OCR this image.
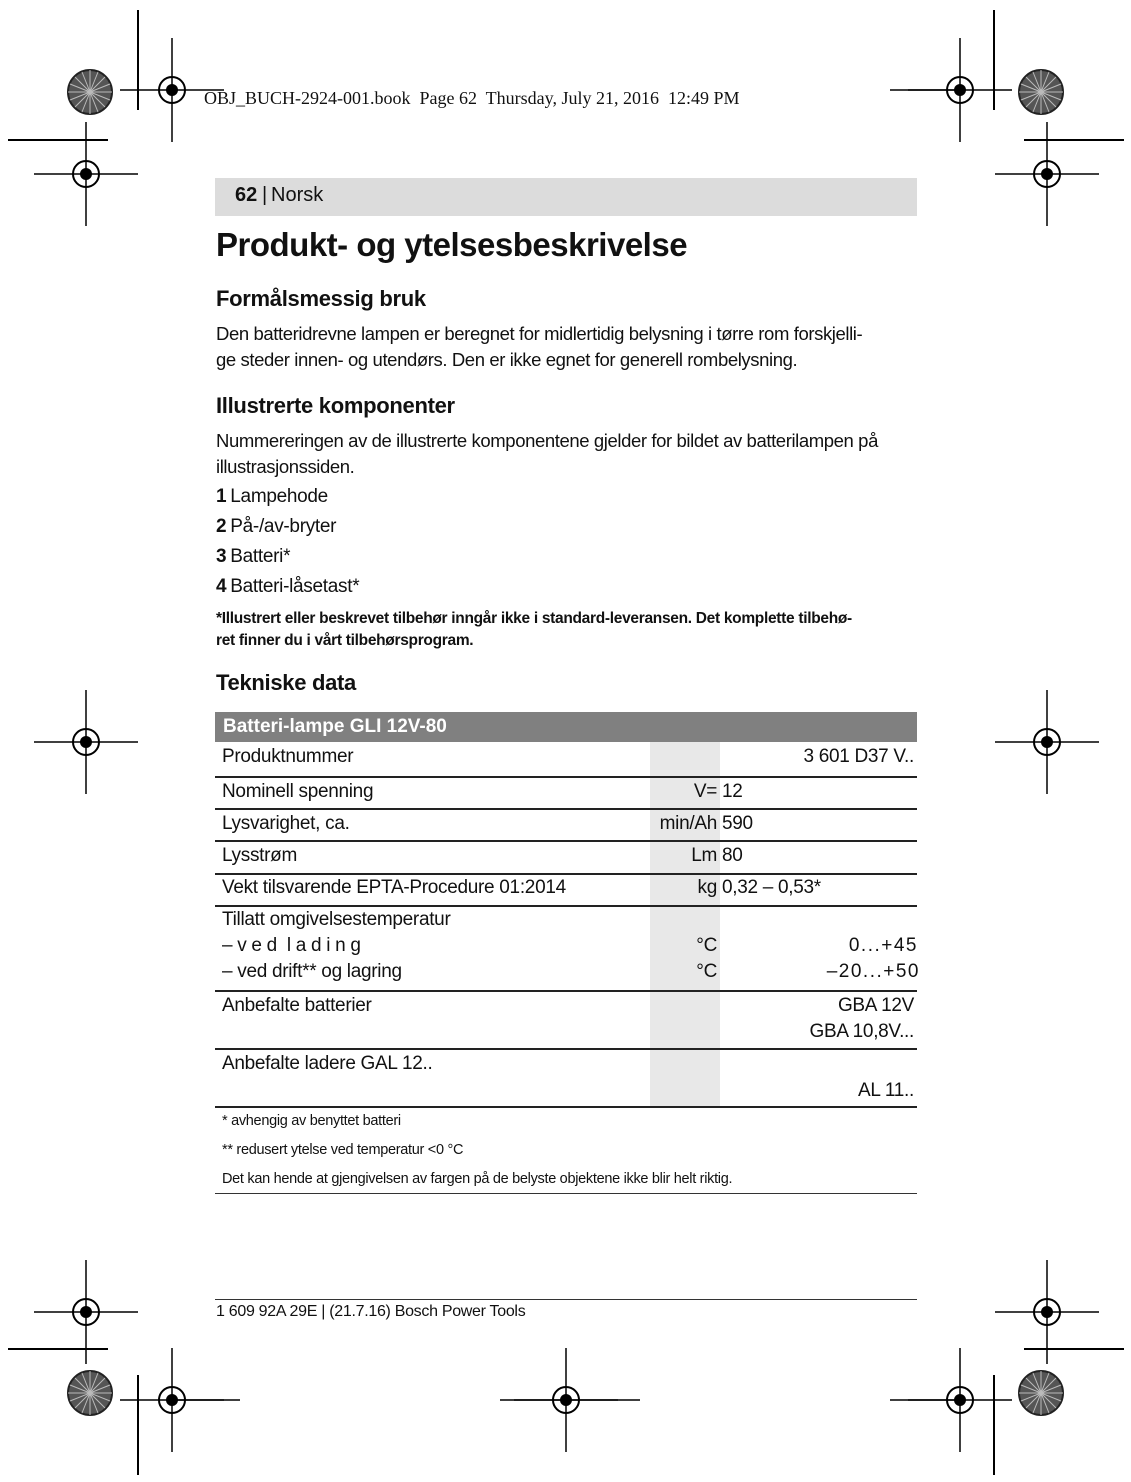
OBJ_BUCH-2924-001.book  Page 62  Thursday, July 21, 2016  12:49 PM
62 | Norsk
Produkt- og ytelsesbeskrivelse
Formålsmessig bruk
Den batteridrevne lampen er beregnet for midlertidig belysning i tørre rom forskjelli-
ge steder innen- og utendørs. Den er ikke egnet for generell rombelysning.
Illustrerte komponenter
Nummereringen av de illustrerte komponentene gjelder for bildet av batterilampen på
illustrasjonssiden.
1 Lampehode
2 På-/av-bryter
3 Batteri*
4 Batteri-låsetast*
*Illustrert eller beskrevet tilbehør inngår ikke i standard-leveransen. Det komplette tilbehø-
ret finner du i vårt tilbehørsprogram.
Tekniske data
Batteri-lampe GLI 12V-80
Produktnummer	3 601 D37 V..
Nominell spenning	V= 12
Lysvarighet, ca.	min/Ah 590
Lysstrøm	Lm 80
Vekt tilsvarende EPTA-Procedure 01:2014	kg 0,32 – 0,53*
Tillatt omgivelsestemperatur
– v e d  l a d i n g	°C	0...+45
– ved drift** og lagring	°C	–20...+50
Anbefalte batterier	GBA 12V
GBA 10,8V...
Anbefalte ladere GAL 12..
AL 11..
* avhengig av benyttet batteri
** redusert ytelse ved temperatur <0 °C
Det kan hende at gjengivelsen av fargen på de belyste objektene ikke blir helt riktig.
1 609 92A 29E | (21.7.16) Bosch Power Tools
